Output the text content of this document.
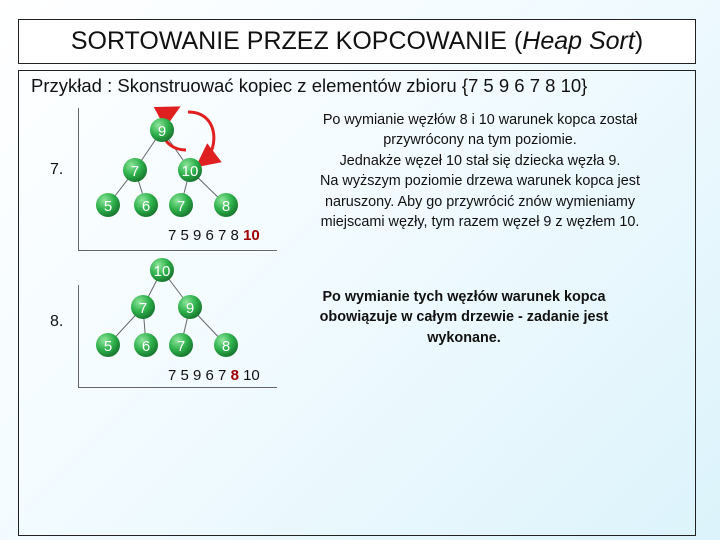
SORTOWANIE PRZEZ KOPCOWANIE ( Heap Sort )
Przykład : Skonstruować kopiec z elementów zbioru {7 5 9 6 7 8 10}
7.
9
7	10
5 6 7 8
7 5 9 6 7 8 10
10
7	9
5 6 7 8
7 5 9 6 7 8 10
Po wymianie węzłów 8 i 10 warunek kopca został
przywrócony na tym poziomie.
Jednakże węzeł 10 stał się dziecka węzła 9.
Na wyższym poziomie drzewa warunek kopca jest
naruszony. Aby go przywrócić znów wymieniamy
miejscami węzły, tym razem węzeł 9 z węzłem 10.
8.
Po wymianie tych węzłów warunek kopca
obowiązuje w całym drzewie - zadanie jest
wykonane.
